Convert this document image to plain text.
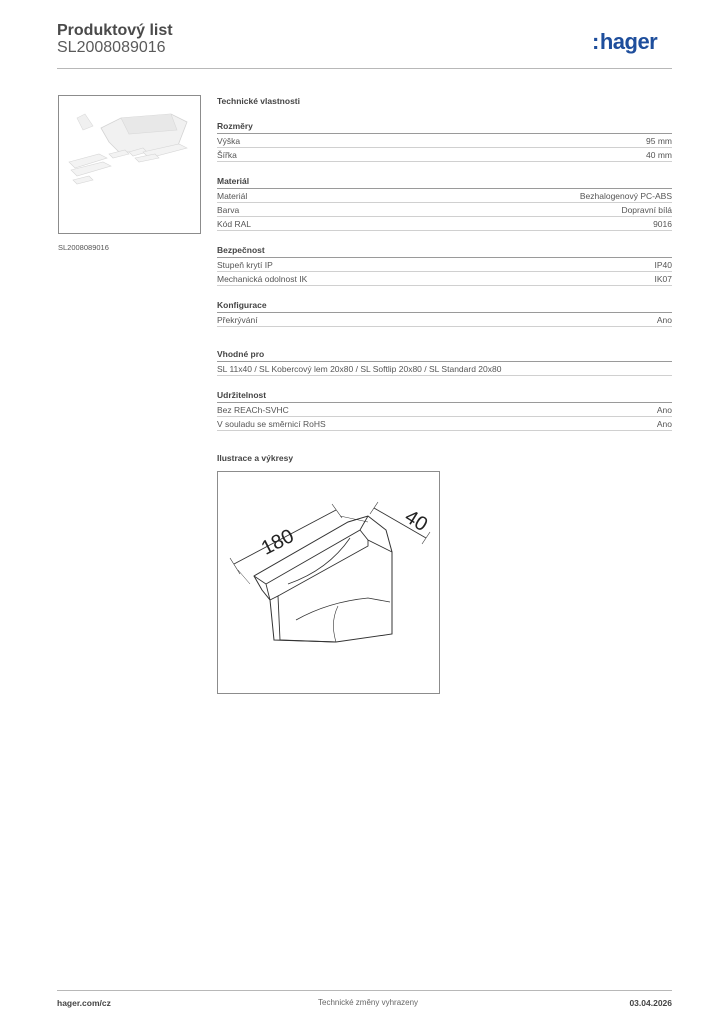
Produktový list
SL2008089016	:hager
SL2008089016
Technické vlastnosti
Rozměry
Výška	95 mm
Šířka	40 mm
Materiál
Materiál	Bezhalogenový PC-ABS
Barva	Dopravní bílá
Kód RAL	9016
Bezpečnost
Stupeň krytí IP	IP40
Mechanická odolnost IK	IK07
Konfigurace
Překrývání	Ano
Vhodné pro
SL 11x40 / SL Kobercový lem 20x80 / SL Softlip 20x80 / SL Standard 20x80
Udržitelnost
Bez REACh-SVHC	Ano
V souladu se směrnicí RoHS	Ano
Ilustrace a výkresy
180
40
hager.com/cz	Technické změny vyhrazeny	03.04.2026
